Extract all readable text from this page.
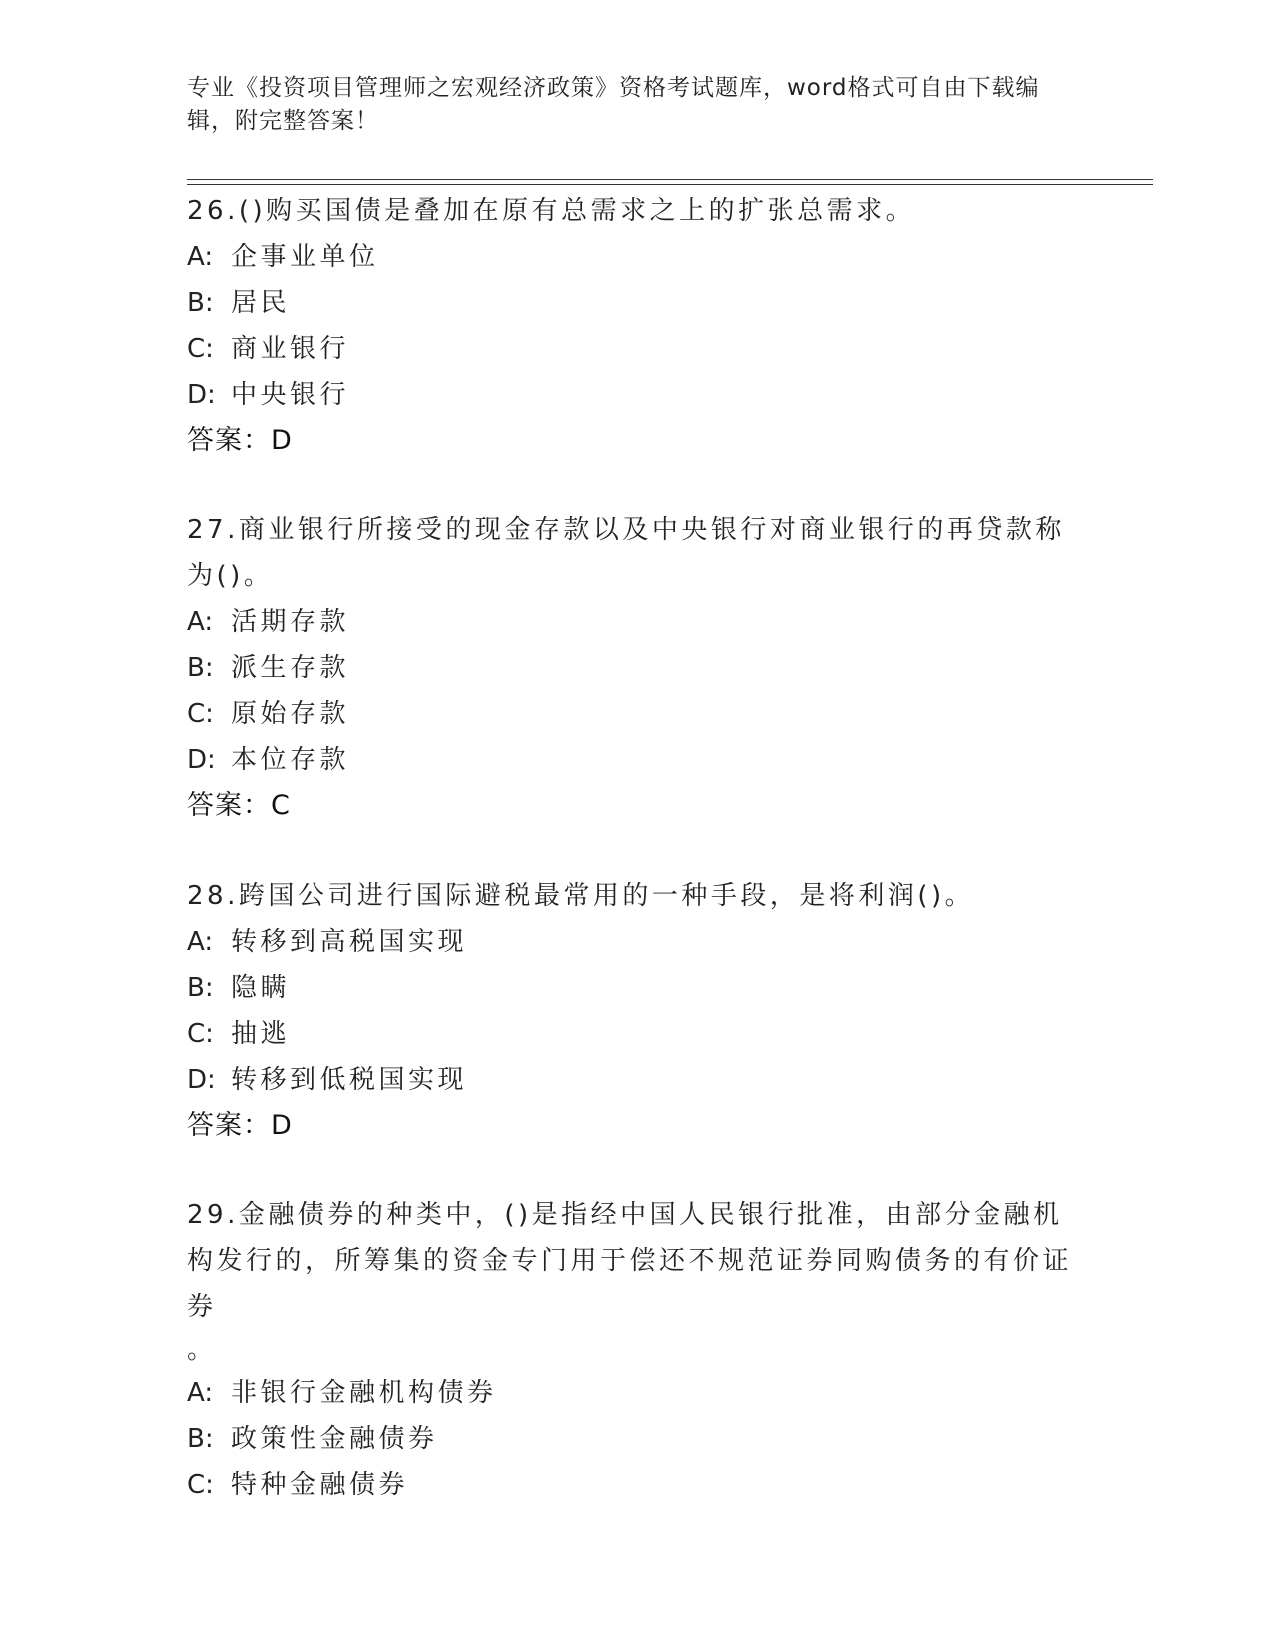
专业《投资项目管理师之宏观经济政策》资格考试题库，word格式可自由下载编辑，附完整答案！

26.()购买国债是叠加在原有总需求之上的扩张总需求。

A: 企事业单位

B: 居民

C: 商业银行

D: 中央银行

答案：D

27.商业银行所接受的现金存款以及中央银行对商业银行的再贷款称为()。

A: 活期存款

B: 派生存款

C: 原始存款

D: 本位存款

答案：C

28.跨国公司进行国际避税最常用的一种手段，是将利润()。

A: 转移到高税国实现

B: 隐瞒

C: 抽逃

D: 转移到低税国实现

答案：D

29.金融债券的种类中，()是指经中国人民银行批准，由部分金融机构发行的，所筹集的资金专门用于偿还不规范证券同购债务的有价证券

。

A: 非银行金融机构债券

B: 政策性金融债券

C: 特种金融债券
